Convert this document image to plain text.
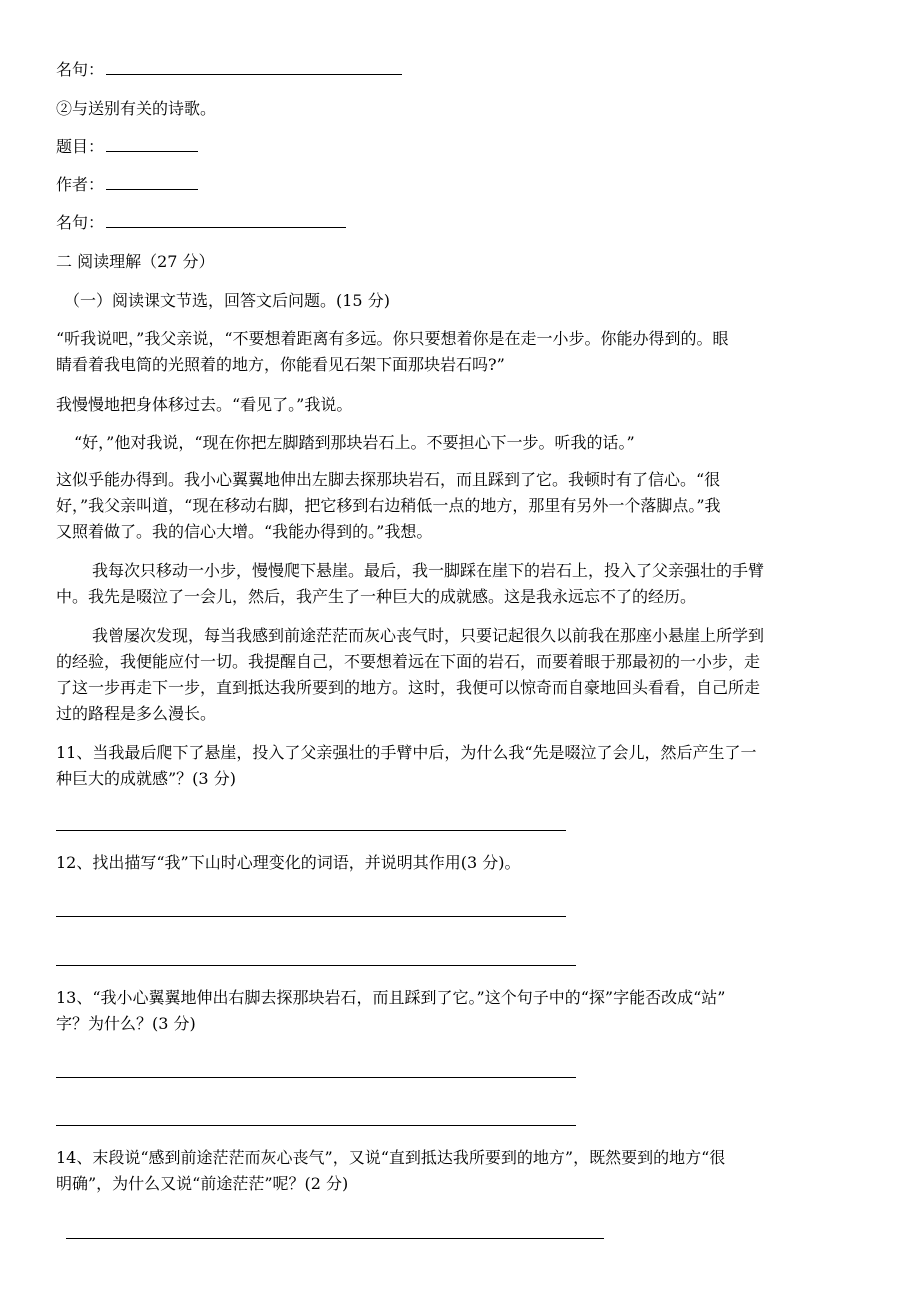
名句：
②与送别有关的诗歌。
题目：
作者：
名句：
二 阅读理解（27 分）
（一）阅读课文节选，回答文后问题。(15 分)
“听我说吧，”我父亲说，“不要想着距离有多远。你只要想着你是在走一小步。你能办得到的。眼
睛看着我电筒的光照着的地方，你能看见石架下面那块岩石吗?”
我慢慢地把身体移过去。“看见了。”我说。
“好，”他对我说，“现在你把左脚踏到那块岩石上。不要担心下一步。听我的话。”
这似乎能办得到。我小心翼翼地伸出左脚去探那块岩石，而且踩到了它。我顿时有了信心。“很
好，”我父亲叫道，“现在移动右脚，把它移到右边稍低一点的地方，那里有另外一个落脚点。”我
又照着做了。我的信心大增。“我能办得到的。”我想。
我每次只移动一小步，慢慢爬下悬崖。最后，我一脚踩在崖下的岩石上，投入了父亲强壮的手臂
中。我先是啜泣了一会儿，然后，我产生了一种巨大的成就感。这是我永远忘不了的经历。
我曾屡次发现，每当我感到前途茫茫而灰心丧气时，只要记起很久以前我在那座小悬崖上所学到
的经验，我便能应付一切。我提醒自己，不要想着远在下面的岩石，而要着眼于那最初的一小步，走
了这一步再走下一步，直到抵达我所要到的地方。这时，我便可以惊奇而自豪地回头看看，自己所走
过的路程是多么漫长。
11、当我最后爬下了悬崖，投入了父亲强壮的手臂中后，为什么我“先是啜泣了会儿，然后产生了一
种巨大的成就感”？(3 分)
12、找出描写“我”下山时心理变化的词语，并说明其作用(3 分)。
13、“我小心翼翼地伸出右脚去探那块岩石，而且踩到了它。”这个句子中的“探”字能否改成“站”
字？为什么？(3 分)
14、末段说“感到前途茫茫而灰心丧气”，又说“直到抵达我所要到的地方”，既然要到的地方“很
明确”，为什么又说“前途茫茫”呢？(2 分)
